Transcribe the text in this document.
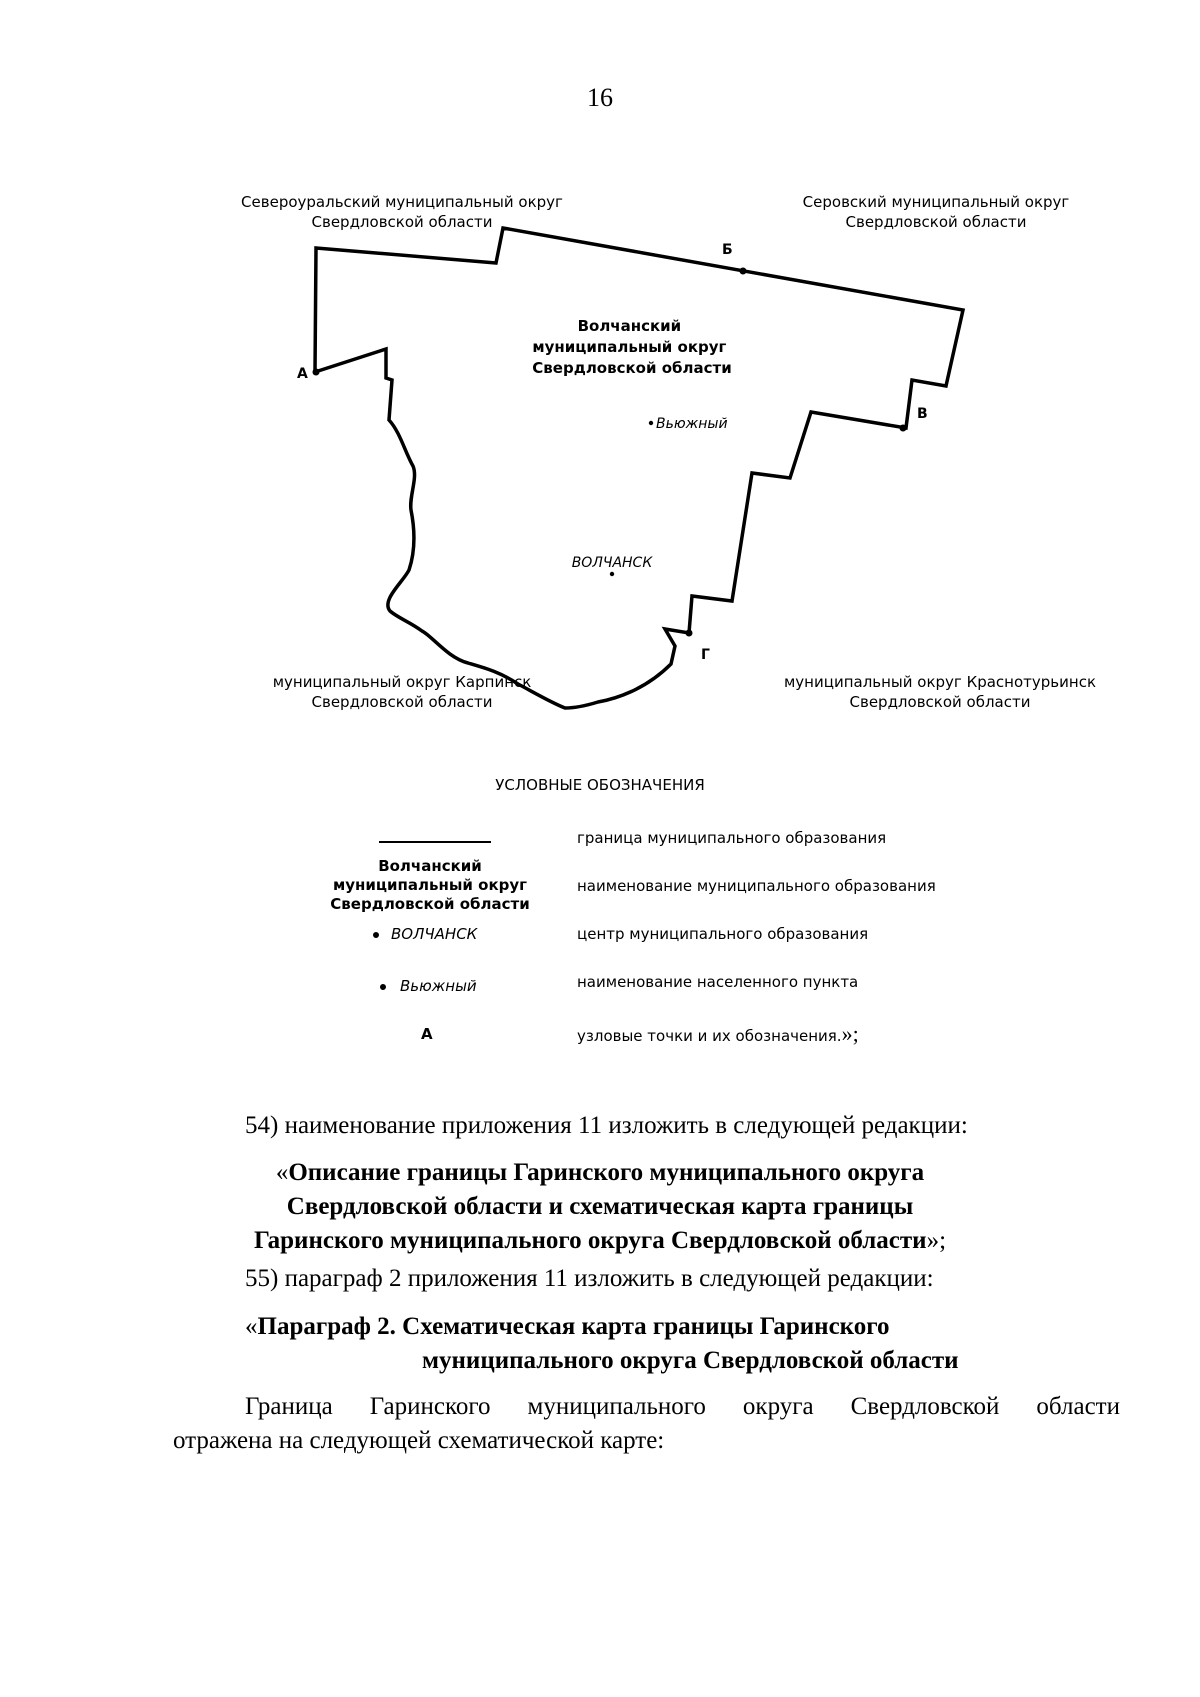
16
А
Б
В
Г
Волчанский муниципальный округ Свердловской области
Вьюжный
ВОЛЧАНСК
Североуральский муниципальный округ
Свердловской области
Серовский муниципальный округ
Свердловской области
муниципальный округ Карпинск
Свердловской области
муниципальный округ Краснотурьинск
Свердловской области
УСЛОВНЫЕ ОБОЗНАЧЕНИЯ
Волчанский
муниципальный округ
Свердловской области
ВОЛЧАНСК
Вьюжный
А
граница муниципального образования
наименование муниципального образования
центр муниципального образования
наименование населенного пункта
узловые точки и их обозначения.»;
54) наименование приложения 11 изложить в следующей редакции:
«Описание границы Гаринского муниципального округа
Свердловской области и схематическая карта границы
Гаринского муниципального округа Свердловской области»;
55) параграф 2 приложения 11 изложить в следующей редакции:
«Параграф 2. Схематическая карта границы Гаринского
муниципального округа Свердловской области
Граница Гаринского муниципального округа Свердловской области
отражена на следующей схематической карте:
